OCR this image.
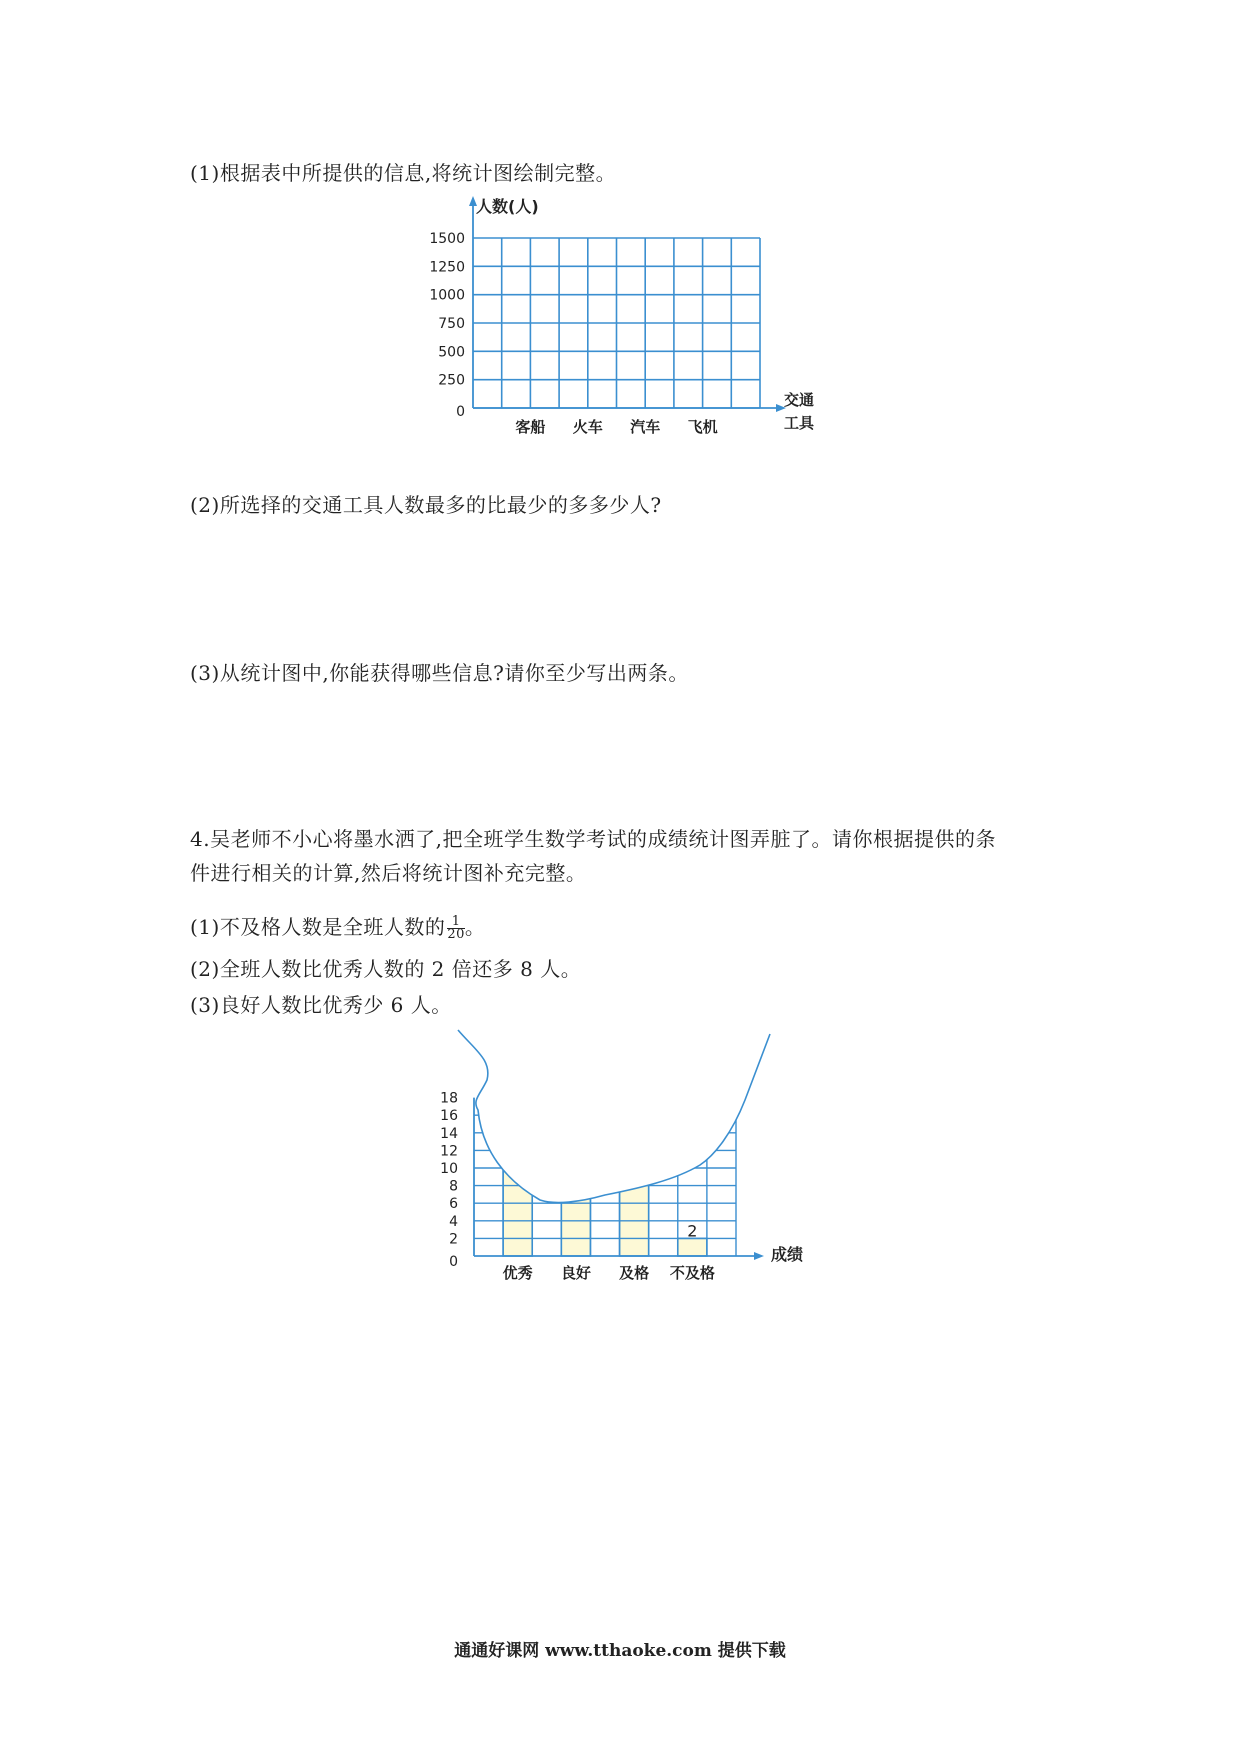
(1)根据表中所提供的信息,将统计图绘制完整。
0
250
500
750
1000
1250
1500
客船 火车 汽车 飞机
人数(人)
交通
工具
(2)所选择的交通工具人数最多的比最少的多多少人?
(3)从统计图中,你能获得哪些信息?请你至少写出两条。
4.吴老师不小心将墨水洒了,把全班学生数学考试的成绩统计图弄脏了。请你根据提供的条
件进行相关的计算,然后将统计图补充完整。
(1)不及格人数是全班人数的 $\frac{1}{20}$ 。
(2)全班人数比优秀人数的 2 倍还多 8 人。
(3)良好人数比优秀少 6 人。
0
2
4
6
8
10
12
14
16
18
优秀 良好 及格 不及格
2
成绩
通通好课网 www.tthaoke.com 提供下载
